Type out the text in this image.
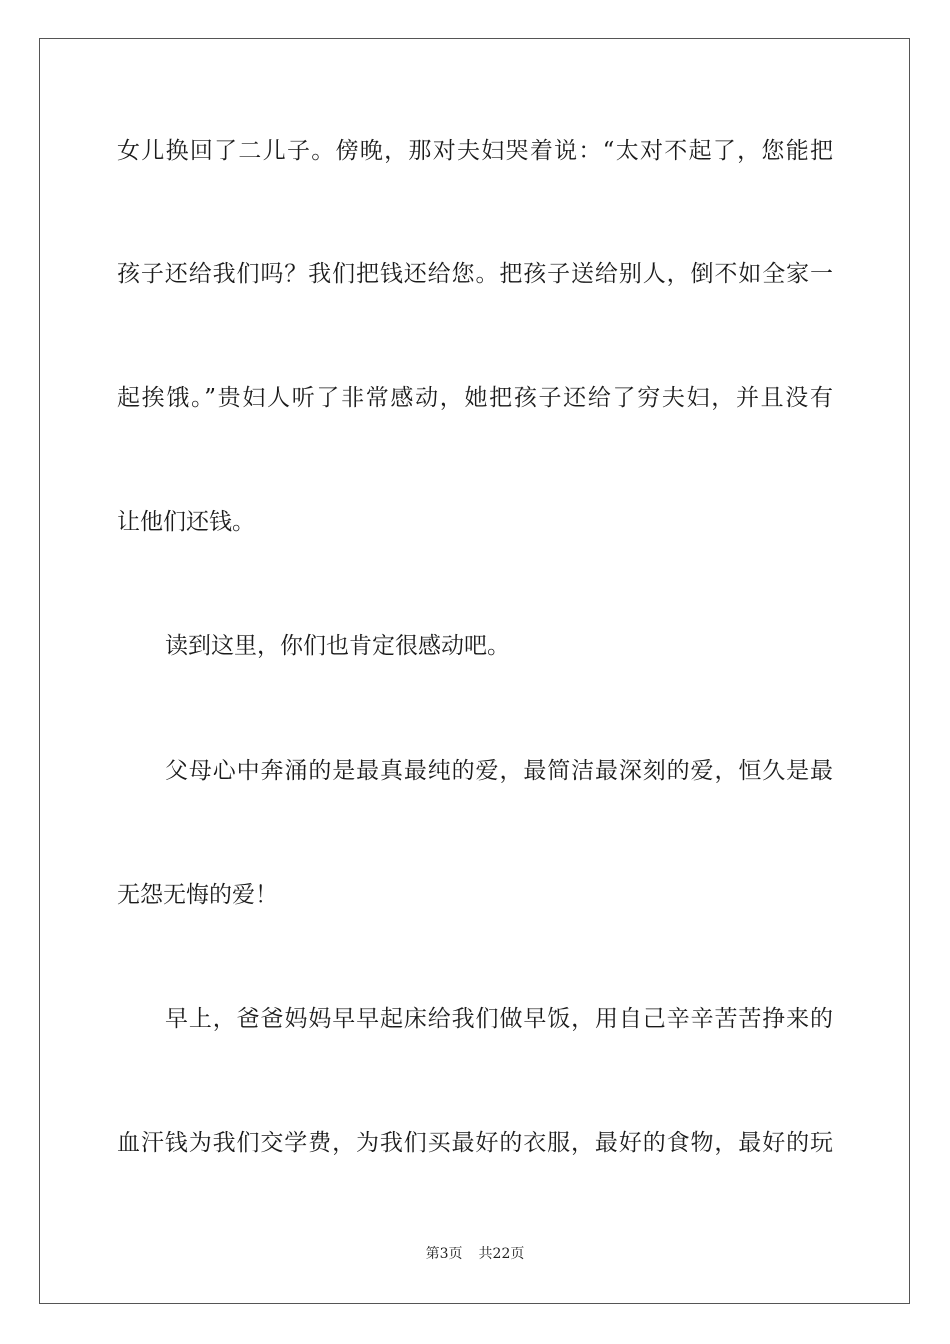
女儿换回了二儿子。傍晚，那对夫妇哭着说：“太对不起了，您能把
孩子还给我们吗？我们把钱还给您。把孩子送给别人，倒不如全家一
起挨饿。”贵妇人听了非常感动，她把孩子还给了穷夫妇，并且没有
让他们还钱。
读到这里，你们也肯定很感动吧。
父母心中奔涌的是最真最纯的爱，最简洁最深刻的爱，恒久是最
无怨无悔的爱！
早上，爸爸妈妈早早起床给我们做早饭，用自己辛辛苦苦挣来的
血汗钱为我们交学费，为我们买最好的衣服，最好的食物，最好的玩
第3页 共22页
